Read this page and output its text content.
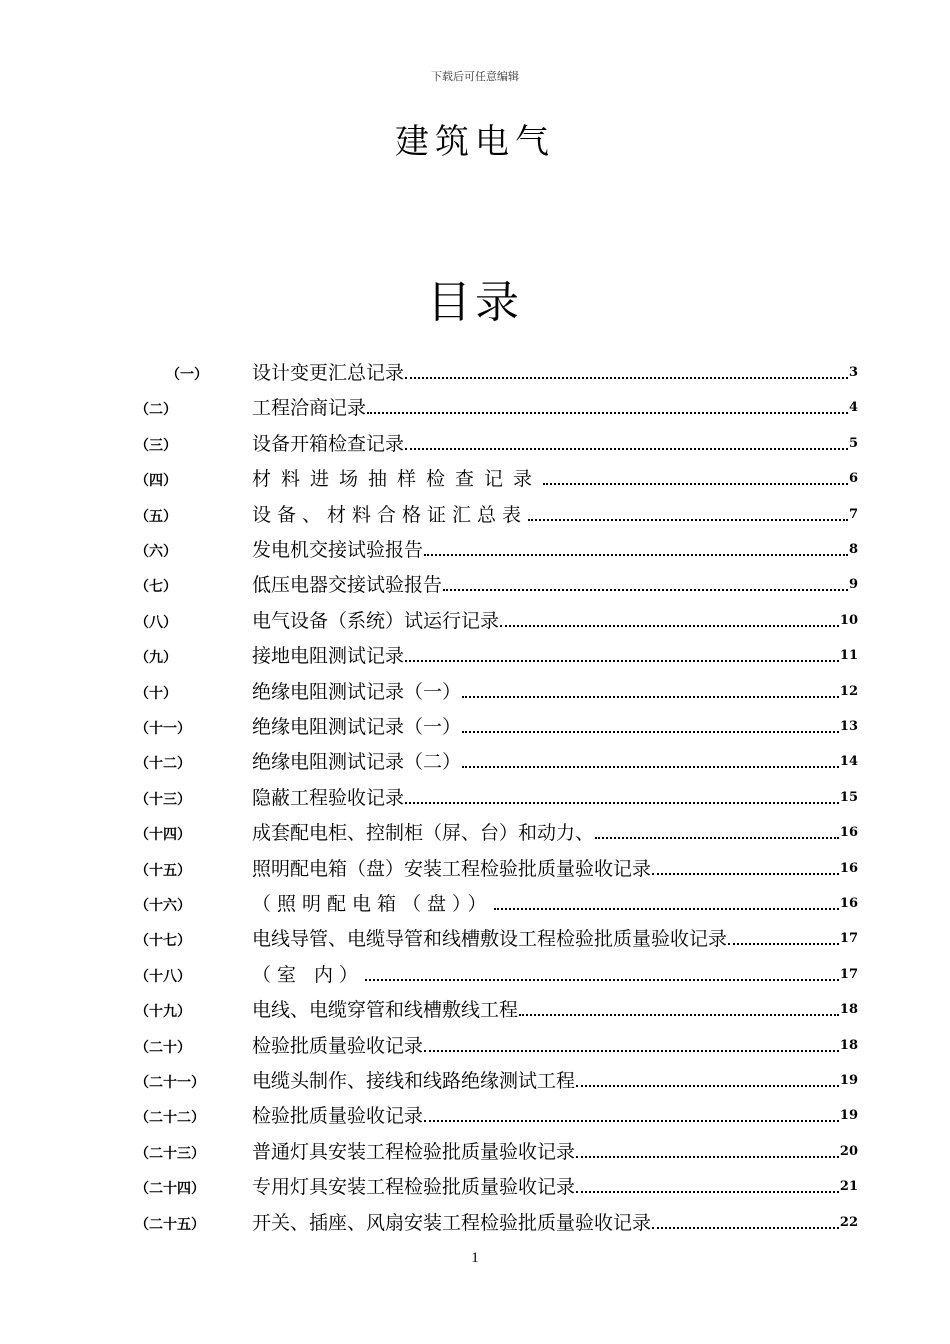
下载后可任意编辑
建筑电气
目录
（一） 设计变更汇总记录	3
（二）	工程洽商记录	4
（三）	设备开箱检查记录	5
（四）	材料进场抽样检查记录	6
（五）	设备、材料合格证汇总表	7
（六）	发电机交接试验报告	8
（七）	低压电器交接试验报告	9
（八）	电气设备（系统）试运行记录	10
（九）	接地电阻测试记录	11
（十）	绝缘电阻测试记录（一）	12
（十一）	绝缘电阻测试记录（一）	13
（十二）	绝缘电阻测试记录（二）	14
（十三）	隐蔽工程验收记录	15
（十四）	成套配电柜、控制柜（屏、台）和动力、	16
（十五）	照明配电箱（盘）安装工程检验批质量验收记录	16
（十六）	（照明配电箱（盘））	16
（十七）	电线导管、电缆导管和线槽敷设工程检验批质量验收记录	17
（十八）	（室 内）	17
（十九）	电线、电缆穿管和线槽敷线工程	18
（二十）	检验批质量验收记录	18
（二十一） 电缆头制作、接线和线路绝缘测试工程	19
（二十二） 检验批质量验收记录	19
（二十三） 普通灯具安装工程检验批质量验收记录	20
（二十四） 专用灯具安装工程检验批质量验收记录	21
（二十五） 开关、插座、风扇安装工程检验批质量验收记录	22
1
